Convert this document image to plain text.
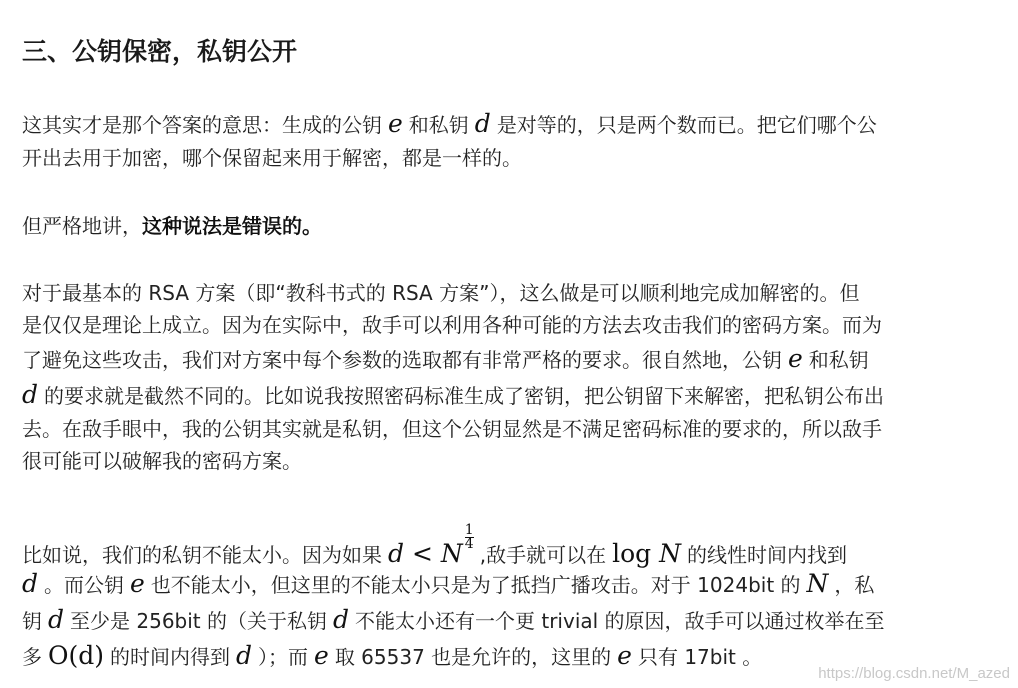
三、公钥保密，私钥公开

这其实才是那个答案的意思：生成的公钥 e 和私钥 d 是对等的，只是两个数而已。把它们哪个公
开出去用于加密，哪个保留起来用于解密，都是一样的。

但严格地讲，这种说法是错误的。

对于最基本的 RSA 方案（即“教科书式的 RSA 方案”），这么做是可以顺利地完成加解密的。但
是仅仅是理论上成立。因为在实际中，敌手可以利用各种可能的方法去攻击我们的密码方案。而为
了避免这些攻击，我们对方案中每个参数的选取都有非常严格的要求。很自然地，公钥 e 和私钥
d 的要求就是截然不同的。比如说我按照密码标准生成了密钥，把公钥留下来解密，把私钥公布出
去。在敌手眼中，我的公钥其实就是私钥，但这个公钥显然是不满足密码标准的要求的，所以敌手
很可能可以破解我的密码方案。

比如说，我们的私钥不能太小。因为如果 d < N
$\frac{1}{4}$
,敌手就可以在 log N 的线性时间内找到
d 。而公钥 e 也不能太小，但这里的不能太小只是为了抵挡广播攻击。对于 1024bit 的 N ，私
钥 d 至少是 256bit 的（关于私钥 d 不能太小还有一个更 trivial 的原因，敌手可以通过枚举在至
多 O(d) 的时间内得到 d ）；而 e 取 65537 也是允许的，这里的 e 只有 17bit 。

https://blog.csdn.net/M_azed
